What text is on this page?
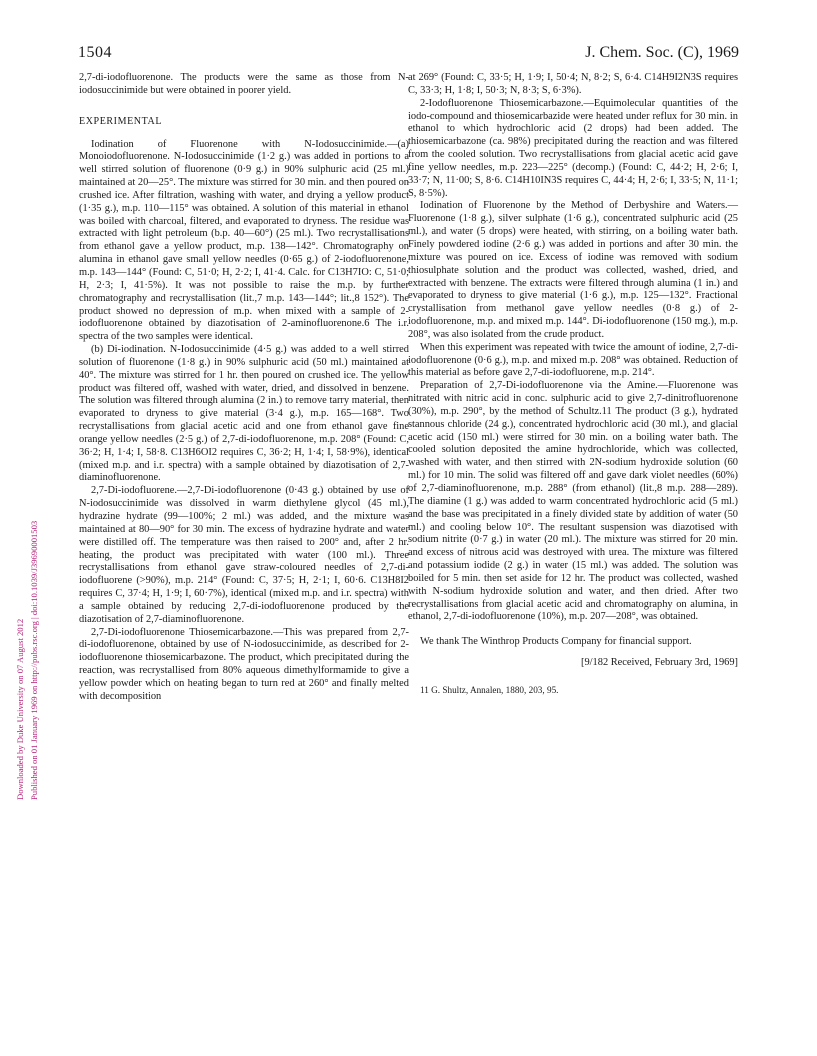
1504	J. Chem. Soc. (C), 1969
Downloaded by Duke University on 07 August 2012 Published on 01 January 1969 on http://pubs.rsc.org | doi:10.1039/J39690001503

2,7-di-iodofluorenone. The products were the same as those from N-iodosuccinimide but were obtained in poorer yield.

EXPERIMENTAL

Iodination of Fluorenone with N-Iodosuccinimide.—(a) Monoiodofluorenone. N-Iodosuccinimide (1·2 g.) was added in portions to a well stirred solution of fluorenone (0·9 g.) in 90% sulphuric acid (25 ml.) maintained at 20—25°. The mixture was stirred for 30 min. and then poured on crushed ice. After filtration, washing with water, and drying a yellow product (1·35 g.), m.p. 110—115° was obtained. A solution of this material in ethanol was boiled with charcoal, filtered, and evaporated to dryness. The residue was extracted with light petroleum (b.p. 40—60°) (25 ml.). Two recrystallisations from ethanol gave a yellow product, m.p. 138—142°. Chromatography on alumina in ethanol gave small yellow needles (0·65 g.) of 2-iodofluorenone, m.p. 143—144° (Found: C, 51·0; H, 2·2; I, 41·4. Calc. for C13H7IO: C, 51·0; H, 2·3; I, 41·5%). It was not possible to raise the m.p. by further chromatography and recrystallisation (lit.,7 m.p. 143—144°; lit.,8 152°). The product showed no depression of m.p. when mixed with a sample of 2-iodofluorenone obtained by diazotisation of 2-aminofluorenone.6 The i.r. spectra of the two samples were identical.

(b) Di-iodination. N-Iodosuccinimide (4·5 g.) was added to a well stirred solution of fluorenone (1·8 g.) in 90% sulphuric acid (50 ml.) maintained at 40°. The mixture was stirred for 1 hr. then poured on crushed ice. The yellow product was filtered off, washed with water, dried, and dissolved in benzene. The solution was filtered through alumina (2 in.) to remove tarry material, then evaporated to dryness to give material (3·4 g.), m.p. 165—168°. Two recrystallisations from glacial acetic acid and one from ethanol gave fine orange yellow needles (2·5 g.) of 2,7-di-iodofluorenone, m.p. 208° (Found: C, 36·2; H, 1·4; I, 58·8. C13H6OI2 requires C, 36·2; H, 1·4; I, 58·9%), identical (mixed m.p. and i.r. spectra) with a sample obtained by diazotisation of 2,7-diaminofluorenone.

2,7-Di-iodofluorene.—2,7-Di-iodofluorenone (0·43 g.) obtained by use of N-iodosuccinimide was dissolved in warm diethylene glycol (45 ml.), hydrazine hydrate (99—100%; 2 ml.) was added, and the mixture was maintained at 80—90° for 30 min. The excess of hydrazine hydrate and water were distilled off. The temperature was then raised to 200° and, after 2 hr. heating, the product was precipitated with water (100 ml.). Three recrystallisations from ethanol gave straw-coloured needles of 2,7-di-iodofluorene (>90%), m.p. 214° (Found: C, 37·5; H, 2·1; I, 60·6. C13H8I2 requires C, 37·4; H, 1·9; I, 60·7%), identical (mixed m.p. and i.r. spectra) with a sample obtained by reducing 2,7-di-iodofluorenone produced by the diazotisation of 2,7-diaminofluorenone.

2,7-Di-iodofluorenone Thiosemicarbazone.—This was prepared from 2,7-di-iodofluorenone, obtained by use of N-iodosuccinimide, as described for 2-iodofluorenone thiosemicarbazone. The product, which precipitated during the reaction, was recrystallised from 80% aqueous dimethylformamide to give a yellow powder which on heating began to turn red at 260° and finally melted with decomposition

at 269° (Found: C, 33·5; H, 1·9; I, 50·4; N, 8·2; S, 6·4. C14H9I2N3S requires C, 33·3; H, 1·8; I, 50·3; N, 8·3; S, 6·3%).

2-Iodofluorenone Thiosemicarbazone.—Equimolecular quantities of the iodo-compound and thiosemicarbazide were heated under reflux for 30 min. in ethanol to which hydrochloric acid (2 drops) had been added. The thiosemicarbazone (ca. 98%) precipitated during the reaction and was filtered from the cooled solution. Two recrystallisations from glacial acetic acid gave fine yellow needles, m.p. 223—225° (decomp.) (Found: C, 44·2; H, 2·6; I, 33·7; N, 11·00; S, 8·6. C14H10IN3S requires C, 44·4; H, 2·6; I, 33·5; N, 11·1; S, 8·5%).

Iodination of Fluorenone by the Method of Derbyshire and Waters.—Fluorenone (1·8 g.), silver sulphate (1·6 g.), concentrated sulphuric acid (25 ml.), and water (5 drops) were heated, with stirring, on a boiling water bath. Finely powdered iodine (2·6 g.) was added in portions and after 30 min. the mixture was poured on ice. Excess of iodine was removed with sodium thiosulphate solution and the product was collected, washed, dried, and extracted with benzene. The extracts were filtered through alumina (1 in.) and evaporated to dryness to give material (1·6 g.), m.p. 125—132°. Fractional crystallisation from methanol gave yellow needles (0·8 g.) of 2-iodofluorenone, m.p. and mixed m.p. 144°. Di-iodofluorenone (150 mg.), m.p. 208°, was also isolated from the crude product.

When this experiment was repeated with twice the amount of iodine, 2,7-di-iodofluorenone (0·6 g.), m.p. and mixed m.p. 208° was obtained. Reduction of this material as before gave 2,7-di-iodofluorene, m.p. 214°.

Preparation of 2,7-Di-iodofluorenone via the Amine.—Fluorenone was nitrated with nitric acid in conc. sulphuric acid to give 2,7-dinitrofluorenone (30%), m.p. 290°, by the method of Schultz.11 The product (3 g.), hydrated stannous chloride (24 g.), concentrated hydrochloric acid (30 ml.), and glacial acetic acid (150 ml.) were stirred for 30 min. on a boiling water bath. The cooled solution deposited the amine hydrochloride, which was collected, washed with water, and then stirred with 2N-sodium hydroxide solution (60 ml.) for 10 min. The solid was filtered off and gave dark violet needles (60%) of 2,7-diaminofluorenone, m.p. 288° (from ethanol) (lit.,8 m.p. 288—289). The diamine (1 g.) was added to warm concentrated hydrochloric acid (5 ml.) and the base was precipitated in a finely divided state by addition of water (50 ml.) and cooling below 10°. The resultant suspension was diazotised with sodium nitrite (0·7 g.) in water (20 ml.). The mixture was stirred for 20 min. and excess of nitrous acid was destroyed with urea. The mixture was filtered and potassium iodide (2 g.) in water (15 ml.) was added. The solution was boiled for 5 min. then set aside for 12 hr. The product was collected, washed with N-sodium hydroxide solution and water, and then dried. After two recrystallisations from glacial acetic acid and chromatography on alumina, in ethanol, 2,7-di-iodofluorenone (10%), m.p. 207—208°, was obtained.

We thank The Winthrop Products Company for financial support.

[9/182 Received, February 3rd, 1969]

11 G. Shultz, Annalen, 1880, 203, 95.
